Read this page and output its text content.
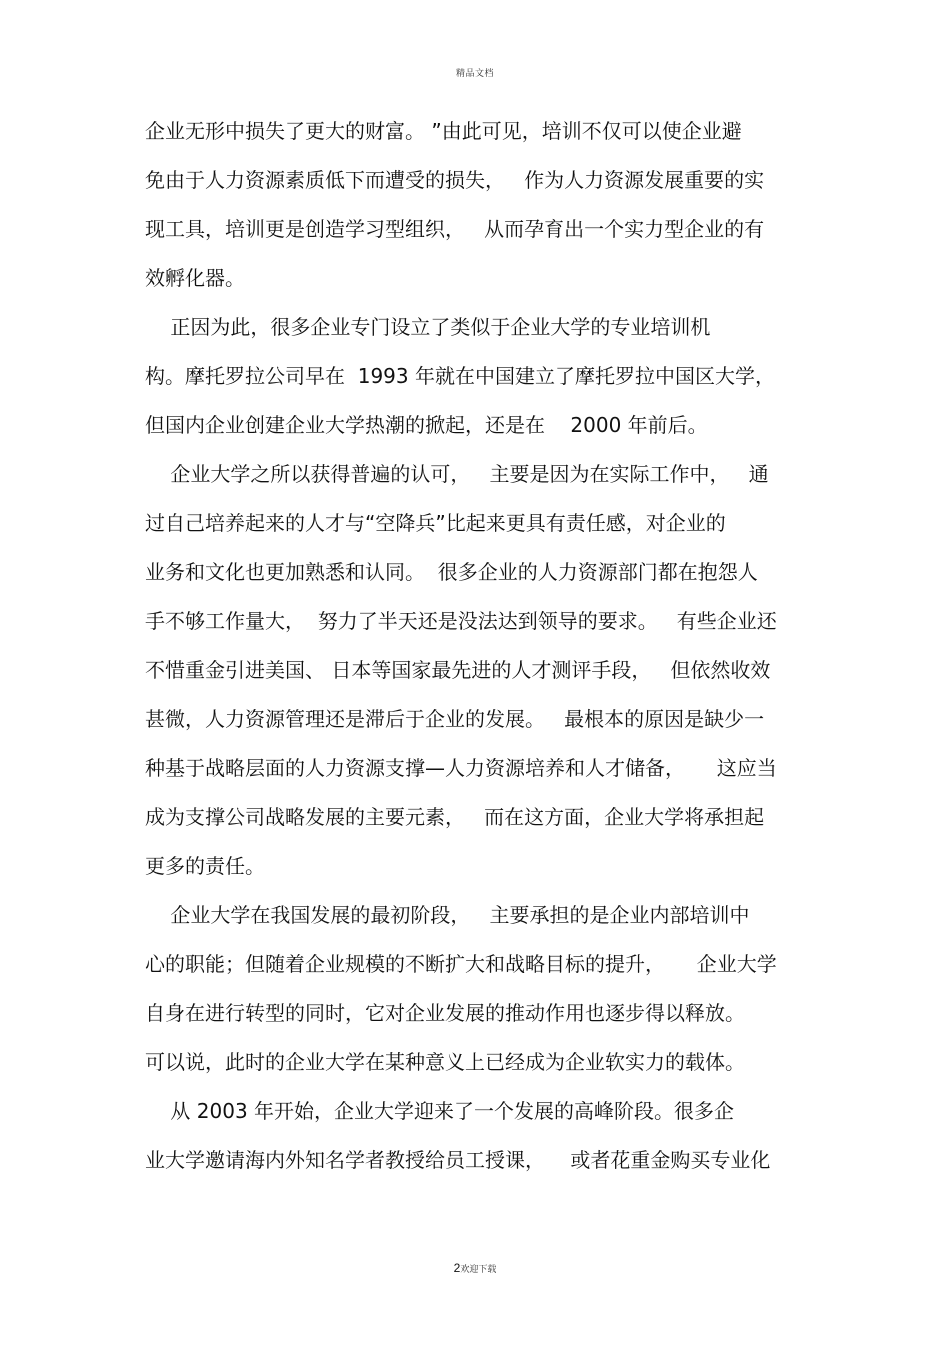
精品文档
企业无形中损失了更大的财富。 ”由此可见，培训不仅可以使企业避
免由于人力资源素质低下而遭受的损失，   作为人力资源发展重要的实
现工具，培训更是创造学习型组织，   从而孕育出一个实力型企业的有
效孵化器。
正因为此，很多企业专门设立了类似于企业大学的专业培训机
构。摩托罗拉公司早在  1993 年就在中国建立了摩托罗拉中国区大学，
但国内企业创建企业大学热潮的掀起，还是在    2000 年前后。
企业大学之所以获得普遍的认可，   主要是因为在实际工作中，   通
过自己培养起来的人才与“空降兵”比起来更具有责任感，对企业的
业务和文化也更加熟悉和认同。  很多企业的人力资源部门都在抱怨人
手不够工作量大，  努力了半天还是没法达到领导的要求。   有些企业还
不惜重金引进美国、 日本等国家最先进的人才测评手段，   但依然收效
甚微，人力资源管理还是滞后于企业的发展。   最根本的原因是缺少一
种基于战略层面的人力资源支撑—人力资源培养和人才储备，     这应当
成为支撑公司战略发展的主要元素，   而在这方面，企业大学将承担起
更多的责任。
企业大学在我国发展的最初阶段，   主要承担的是企业内部培训中
心的职能；但随着企业规模的不断扩大和战略目标的提升，     企业大学
自身在进行转型的同时，它对企业发展的推动作用也逐步得以释放。
可以说，此时的企业大学在某种意义上已经成为企业软实力的载体。
从 2003 年开始，企业大学迎来了一个发展的高峰阶段。很多企
业大学邀请海内外知名学者教授给员工授课，    或者花重金购买专业化
2欢迎下载
